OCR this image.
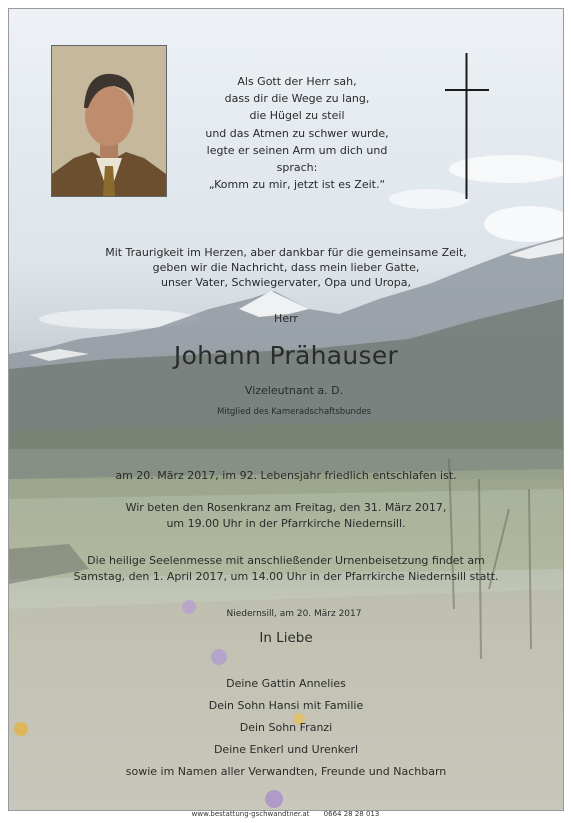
Als Gott der Herr sah,
dass dir die Wege zu lang,
die Hügel zu steil
und das Atmen zu schwer wurde,
legte er seinen Arm um dich und
sprach:
„Komm zu mir, jetzt ist es Zeit.“
Mit Traurigkeit im Herzen, aber dankbar für die gemeinsame Zeit,
geben wir die Nachricht, dass mein lieber Gatte,
unser Vater, Schwiegervater, Opa und Uropa,
Herr
Johann Prähauser
Vizeleutnant a. D.
Mitglied des Kameradschaftsbundes
am 20. März 2017, im 92. Lebensjahr friedlich entschlafen ist.
Wir beten den Rosenkranz am Freitag, den 31. März 2017,
um 19.00 Uhr in der Pfarrkirche Niedernsill.
Die heilige Seelenmesse mit anschließender Urnenbeisetzung findet am
Samstag, den 1. April 2017, um 14.00 Uhr in der Pfarrkirche Niedernsill statt.
Niedernsill, am 20. März 2017
In Liebe
Deine Gattin Annelies
Dein Sohn Hansi mit Familie
Dein Sohn Franzi
Deine Enkerl und Urenkerl
sowie im Namen aller Verwandten, Freunde und Nachbarn
www.bestattung-gschwandtner.at 0664 28 28 013
